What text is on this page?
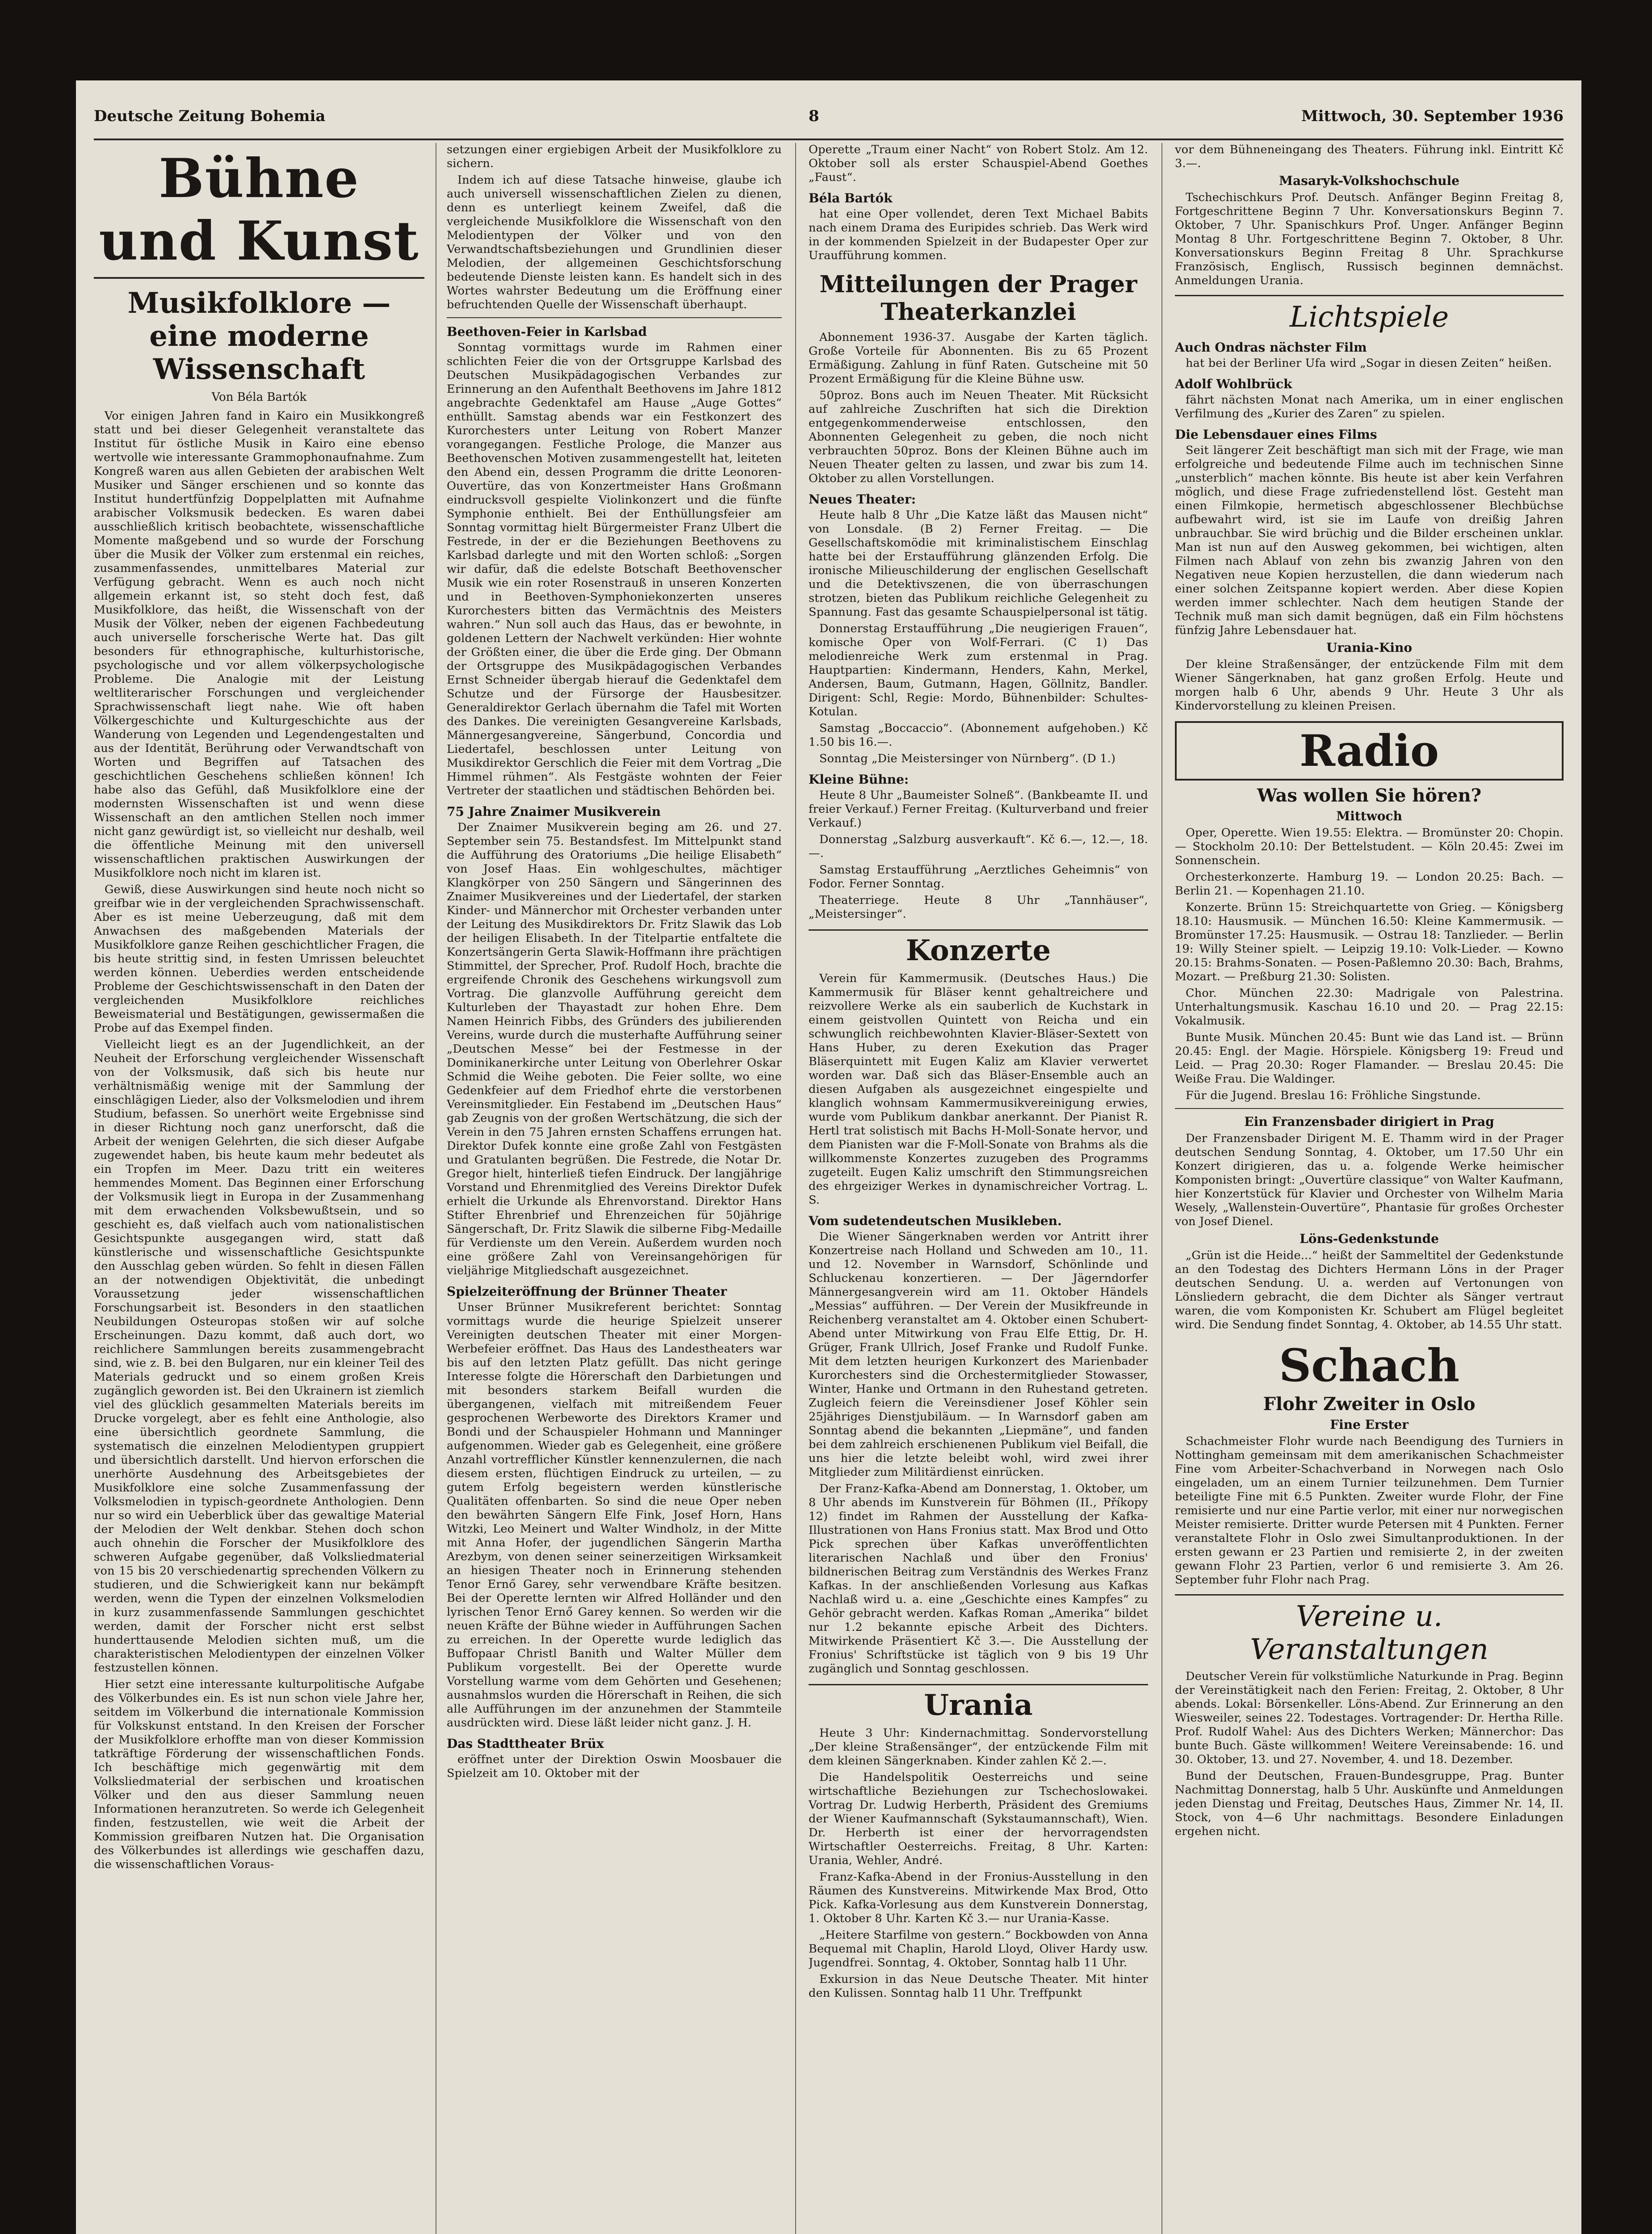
Deutsche Zeitung Bohemia	8	Mittwoch, 30. September 1936
Bühne und Kunst
Musikfolklore — eine moderne Wissenschaft
Von Béla Bartók

Vor einigen Jahren fand in Kairo ein Musikkongreß statt und bei dieser Gelegenheit veranstaltete das Institut für östliche Musik in Kairo eine ebenso wertvolle wie interessante Grammophonaufnahme. Zum Kongreß waren aus allen Gebieten der arabischen Welt Musiker und Sänger erschienen und so konnte das Institut hundertfünfzig Doppelplatten mit Aufnahme arabischer Volksmusik bedecken. Es waren dabei ausschließlich kritisch beobachtete, wissenschaftliche Momente maßgebend und so wurde der Forschung über die Musik der Völker zum erstenmal ein reiches, zusammenfassendes, unmittelbares Material zur Verfügung gebracht. Wenn es auch noch nicht allgemein erkannt ist, so steht doch fest, daß Musikfolklore, das heißt, die Wissenschaft von der Musik der Völker, neben der eigenen Fachbedeutung auch universelle forscherische Werte hat. Das gilt besonders für ethnographische, kulturhistorische, psychologische und vor allem völkerpsychologische Probleme. Die Analogie mit der Leistung weltliterarischer Forschungen und vergleichender Sprachwissenschaft liegt nahe. Wie oft haben Völkergeschichte und Kulturgeschichte aus der Wanderung von Legenden und Legendengestalten und aus der Identität, Berührung oder Verwandtschaft von Worten und Begriffen auf Tatsachen des geschichtlichen Geschehens schließen können! Ich habe also das Gefühl, daß Musikfolklore eine der modernsten Wissenschaften ist und wenn diese Wissenschaft an den amtlichen Stellen noch immer nicht ganz gewürdigt ist, so vielleicht nur deshalb, weil die öffentliche Meinung mit den universell wissenschaftlichen praktischen Auswirkungen der Musikfolklore noch nicht im klaren ist.

Gewiß, diese Auswirkungen sind heute noch nicht so greifbar wie in der vergleichenden Sprachwissenschaft. Aber es ist meine Ueberzeugung, daß mit dem Anwachsen des maßgebenden Materials der Musikfolklore ganze Reihen geschichtlicher Fragen, die bis heute strittig sind, in festen Umrissen beleuchtet werden können. Ueberdies werden entscheidende Probleme der Geschichtswissenschaft in den Daten der vergleichenden Musikfolklore reichliches Beweismaterial und Bestätigungen, gewissermaßen die Probe auf das Exempel finden.

Vielleicht liegt es an der Jugendlichkeit, an der Neuheit der Erforschung vergleichender Wissenschaft von der Volksmusik, daß sich bis heute nur verhältnismäßig wenige mit der Sammlung der einschlägigen Lieder, also der Volksmelodien und ihrem Studium, befassen. So unerhört weite Ergebnisse sind in dieser Richtung noch ganz unerforscht, daß die Arbeit der wenigen Gelehrten, die sich dieser Aufgabe zugewendet haben, bis heute kaum mehr bedeutet als ein Tropfen im Meer. Dazu tritt ein weiteres hemmendes Moment. Das Beginnen einer Erforschung der Volksmusik liegt in Europa in der Zusammenhang mit dem erwachenden Volksbewußtsein, und so geschieht es, daß vielfach auch vom nationalistischen Gesichtspunkte ausgegangen wird, statt daß künstlerische und wissenschaftliche Gesichtspunkte den Ausschlag geben würden. So fehlt in diesen Fällen an der notwendigen Objektivität, die unbedingt Voraussetzung jeder wissenschaftlichen Forschungsarbeit ist. Besonders in den staatlichen Neubildungen Osteuropas stoßen wir auf solche Erscheinungen. Dazu kommt, daß auch dort, wo reichlichere Sammlungen bereits zusammengebracht sind, wie z. B. bei den Bulgaren, nur ein kleiner Teil des Materials gedruckt und so einem großen Kreis zugänglich geworden ist. Bei den Ukrainern ist ziemlich viel des glücklich gesammelten Materials bereits im Drucke vorgelegt, aber es fehlt eine Anthologie, also eine übersichtlich geordnete Sammlung, die systematisch die einzelnen Melodientypen gruppiert und übersichtlich darstellt. Und hiervon erforschen die unerhörte Ausdehnung des Arbeitsgebietes der Musikfolklore eine solche Zusammenfassung der Volksmelodien in typisch-geordnete Anthologien. Denn nur so wird ein Ueberblick über das gewaltige Material der Melodien der Welt denkbar. Stehen doch schon auch ohnehin die Forscher der Musikfolklore des schweren Aufgabe gegenüber, daß Volksliedmaterial von 15 bis 20 verschiedenartig sprechenden Völkern zu studieren, und die Schwierigkeit kann nur bekämpft werden, wenn die Typen der einzelnen Volksmelodien in kurz zusammenfassende Sammlungen geschichtet werden, damit der Forscher nicht erst selbst hunderttausende Melodien sichten muß, um die charakteristischen Melodientypen der einzelnen Völker festzustellen können.

Hier setzt eine interessante kulturpolitische Aufgabe des Völkerbundes ein. Es ist nun schon viele Jahre her, seitdem im Völkerbund die internationale Kommission für Volkskunst entstand. In den Kreisen der Forscher der Musikfolklore erhoffte man von dieser Kommission tatkräftige Förderung der wissenschaftlichen Fonds. Ich beschäftige mich gegenwärtig mit dem Volksliedmaterial der serbischen und kroatischen Völker und den aus dieser Sammlung neuen Informationen heranzutreten. So werde ich Gelegenheit finden, festzustellen, wie weit die Arbeit der Kommission greifbaren Nutzen hat. Die Organisation des Völkerbundes ist allerdings wie geschaffen dazu, die wissenschaftlichen Voraus-

setzungen einer ergiebigen Arbeit der Musikfolklore zu sichern.

Indem ich auf diese Tatsache hinweise, glaube ich auch universell wissenschaftlichen Zielen zu dienen, denn es unterliegt keinem Zweifel, daß die vergleichende Musikfolklore die Wissenschaft von den Melodientypen der Völker und von den Verwandtschaftsbeziehungen und Grundlinien dieser Melodien, der allgemeinen Geschichtsforschung bedeutende Dienste leisten kann. Es handelt sich in des Wortes wahrster Bedeutung um die Eröffnung einer befruchtenden Quelle der Wissenschaft überhaupt.

Beethoven-Feier in Karlsbad

Sonntag vormittags wurde im Rahmen einer schlichten Feier die von der Ortsgruppe Karlsbad des Deutschen Musikpädagogischen Verbandes zur Erinnerung an den Aufenthalt Beethovens im Jahre 1812 angebrachte Gedenktafel am Hause „Auge Gottes“ enthüllt. Samstag abends war ein Festkonzert des Kurorchesters unter Leitung von Robert Manzer vorangegangen. Festliche Prologe, die Manzer aus Beethovenschen Motiven zusammengestellt hat, leiteten den Abend ein, dessen Programm die dritte Leonoren-Ouvertüre, das von Konzertmeister Hans Großmann eindrucksvoll gespielte Violinkonzert und die fünfte Symphonie enthielt. Bei der Enthüllungsfeier am Sonntag vormittag hielt Bürgermeister Franz Ulbert die Festrede, in der er die Beziehungen Beethovens zu Karlsbad darlegte und mit den Worten schloß: „Sorgen wir dafür, daß die edelste Botschaft Beethovenscher Musik wie ein roter Rosenstrauß in unseren Konzerten und in Beethoven-Symphoniekonzerten unseres Kurorchesters bitten das Vermächtnis des Meisters wahren.“ Nun soll auch das Haus, das er bewohnte, in goldenen Lettern der Nachwelt verkünden: Hier wohnte der Größten einer, die über die Erde ging. Der Obmann der Ortsgruppe des Musikpädagogischen Verbandes Ernst Schneider übergab hierauf die Gedenktafel dem Schutze und der Fürsorge der Hausbesitzer. Generaldirektor Gerlach übernahm die Tafel mit Worten des Dankes. Die vereinigten Gesangvereine Karlsbads, Männergesangvereine, Sängerbund, Concordia und Liedertafel, beschlossen unter Leitung von Musikdirektor Gerschlich die Feier mit dem Vortrag „Die Himmel rühmen“. Als Festgäste wohnten der Feier Vertreter der staatlichen und städtischen Behörden bei.

75 Jahre Znaimer Musikverein

Der Znaimer Musikverein beging am 26. und 27. September sein 75. Bestandsfest. Im Mittelpunkt stand die Aufführung des Oratoriums „Die heilige Elisabeth“ von Josef Haas. Ein wohlgeschultes, mächtiger Klangkörper von 250 Sängern und Sängerinnen des Znaimer Musikvereines und der Liedertafel, der starken Kinder- und Männerchor mit Orchester verbanden unter der Leitung des Musikdirektors Dr. Fritz Slawik das Lob der heiligen Elisabeth. In der Titelpartie entfaltete die Konzertsängerin Gerta Slawik-Hoffmann ihre prächtigen Stimmittel, der Sprecher, Prof. Rudolf Hoch, brachte die ergreifende Chronik des Geschehens wirkungsvoll zum Vortrag. Die glanzvolle Aufführung gereicht dem Kulturleben der Thayastadt zur hohen Ehre. Dem Namen Heinrich Fibbs, des Gründers des jubilierenden Vereins, wurde durch die musterhafte Aufführung seiner „Deutschen Messe“ bei der Festmesse in der Dominikanerkirche unter Leitung von Oberlehrer Oskar Schmid die Weihe geboten. Die Feier sollte, wo eine Gedenkfeier auf dem Friedhof ehrte die verstorbenen Vereinsmitglieder. Ein Festabend im „Deutschen Haus“ gab Zeugnis von der großen Wertschätzung, die sich der Verein in den 75 Jahren ernsten Schaffens errungen hat. Direktor Dufek konnte eine große Zahl von Festgästen und Gratulanten begrüßen. Die Festrede, die Notar Dr. Gregor hielt, hinterließ tiefen Eindruck. Der langjährige Vorstand und Ehrenmitglied des Vereins Direktor Dufek erhielt die Urkunde als Ehrenvorstand. Direktor Hans Stifter Ehrenbrief und Ehrenzeichen für 50jährige Sängerschaft, Dr. Fritz Slawik die silberne Fibg-Medaille für Verdienste um den Verein. Außerdem wurden noch eine größere Zahl von Vereinsangehörigen für vieljährige Mitgliedschaft ausgezeichnet.

Spielzeiteröffnung der Brünner Theater

Unser Brünner Musikreferent berichtet: Sonntag vormittags wurde die heurige Spielzeit unserer Vereinigten deutschen Theater mit einer Morgen-Werbefeier eröffnet. Das Haus des Landestheaters war bis auf den letzten Platz gefüllt. Das nicht geringe Interesse folgte die Hörerschaft den Darbietungen und mit besonders starkem Beifall wurden die übergangenen, vielfach mit mitreißendem Feuer gesprochenen Werbeworte des Direktors Kramer und Bondi und der Schauspieler Hohmann und Manninger aufgenommen. Wieder gab es Gelegenheit, eine größere Anzahl vortrefflicher Künstler kennenzulernen, die nach diesem ersten, flüchtigen Eindruck zu urteilen, — zu gutem Erfolg begeistern werden künstlerische Qualitäten offenbarten. So sind die neue Oper neben den bewährten Sängern Elfe Fink, Josef Horn, Hans Witzki, Leo Meinert und Walter Windholz, in der Mitte mit Anna Hofer, der jugendlichen Sängerin Martha Arezbym, von denen seiner seinerzeitigen Wirksamkeit an hiesigen Theater noch in Erinnerung stehenden Tenor Ernő Garey, sehr verwendbare Kräfte besitzen. Bei der Operette lernten wir Alfred Holländer und den lyrischen Tenor Ernő Garey kennen. So werden wir die neuen Kräfte der Bühne wieder in Aufführungen Sachen zu erreichen. In der Operette wurde lediglich das Buffopaar Christl Banith und Walter Müller dem Publikum vorgestellt. Bei der Operette wurde Vorstellung warme vom dem Gehörten und Gesehenen; ausnahmslos wurden die Hörerschaft in Reihen, die sich alle Aufführungen im der anzunehmen der Stammteile ausdrückten wird. Diese läßt leider nicht ganz. J. H.

Das Stadttheater Brüx

eröffnet unter der Direktion Oswin Moosbauer die Spielzeit am 10. Oktober mit der

Operette „Traum einer Nacht“ von Robert Stolz. Am 12. Oktober soll als erster Schauspiel-Abend Goethes „Faust“.

Béla Bartók

hat eine Oper vollendet, deren Text Michael Babits nach einem Drama des Euripides schrieb. Das Werk wird in der kommenden Spielzeit in der Budapester Oper zur Uraufführung kommen.

Mitteilungen der Prager Theaterkanzlei

Abonnement 1936-37. Ausgabe der Karten täglich. Große Vorteile für Abonnenten. Bis zu 65 Prozent Ermäßigung. Zahlung in fünf Raten. Gutscheine mit 50 Prozent Ermäßigung für die Kleine Bühne usw.

50proz. Bons auch im Neuen Theater. Mit Rücksicht auf zahlreiche Zuschriften hat sich die Direktion entgegenkommenderweise entschlossen, den Abonnenten Gelegenheit zu geben, die noch nicht verbrauchten 50proz. Bons der Kleinen Bühne auch im Neuen Theater gelten zu lassen, und zwar bis zum 14. Oktober zu allen Vorstellungen.

Neues Theater:

Heute halb 8 Uhr „Die Katze läßt das Mausen nicht“ von Lonsdale. (B 2) Ferner Freitag. — Die Gesellschaftskomödie mit kriminalistischem Einschlag hatte bei der Erstaufführung glänzenden Erfolg. Die ironische Milieuschilderung der englischen Gesellschaft und die Detektivszenen, die von überraschungen strotzen, bieten das Publikum reichliche Gelegenheit zu Spannung. Fast das gesamte Schauspielpersonal ist tätig.

Donnerstag Erstaufführung „Die neugierigen Frauen“, komische Oper von Wolf-Ferrari. (C 1) Das melodienreiche Werk zum erstenmal in Prag. Hauptpartien: Kindermann, Henders, Kahn, Merkel, Andersen, Baum, Gutmann, Hagen, Göllnitz, Bandler. Dirigent: Schl, Regie: Mordo, Bühnenbilder: Schultes-Kotulan.

Samstag „Boccaccio“. (Abonnement aufgehoben.) Kč 1.50 bis 16.—.

Sonntag „Die Meistersinger von Nürnberg“. (D 1.)

Kleine Bühne:

Heute 8 Uhr „Baumeister Solneß“. (Bankbeamte II. und freier Verkauf.) Ferner Freitag. (Kulturverband und freier Verkauf.)

Donnerstag „Salzburg ausverkauft“. Kč 6.—, 12.—, 18.—.

Samstag Erstaufführung „Aerztliches Geheimnis“ von Fodor. Ferner Sonntag.

Theaterriege. Heute 8 Uhr „Tannhäuser“, „Meistersinger“.

Konzerte

Verein für Kammermusik. (Deutsches Haus.) Die Kammermusik für Bläser kennt gehaltreichere und reizvollere Werke als ein sauberlich de Kuchstark in einem geistvollen Quintett von Reicha und ein schwunglich reichbewohnten Klavier-Bläser-Sextett von Hans Huber, zu deren Exekution das Prager Bläserquintett mit Eugen Kaliz am Klavier verwertet worden war. Daß sich das Bläser-Ensemble auch an diesen Aufgaben als ausgezeichnet eingespielte und klanglich wohnsam Kammermusikvereinigung erwies, wurde vom Publikum dankbar anerkannt. Der Pianist R. Hertl trat solistisch mit Bachs H-Moll-Sonate hervor, und dem Pianisten war die F-Moll-Sonate von Brahms als die willkommenste Konzertes zuzugeben des Programms zugeteilt. Eugen Kaliz umschrift den Stimmungsreichen des ehrgeiziger Werkes in dynamischreicher Vortrag. L. S.

Vom sudetendeutschen Musikleben.

Die Wiener Sängerknaben werden vor Antritt ihrer Konzertreise nach Holland und Schweden am 10., 11. und 12. November in Warnsdorf, Schönlinde und Schluckenau konzertieren. — Der Jägerndorfer Männergesangverein wird am 11. Oktober Händels „Messias“ aufführen. — Der Verein der Musikfreunde in Reichenberg veranstaltet am 4. Oktober einen Schubert-Abend unter Mitwirkung von Frau Elfe Ettig, Dr. H. Grüger, Frank Ullrich, Josef Franke und Rudolf Funke. Mit dem letzten heurigen Kurkonzert des Marienbader Kurorchesters sind die Orchestermitglieder Stowasser, Winter, Hanke und Ortmann in den Ruhestand getreten. Zugleich feiern die Vereinsdiener Josef Köhler sein 25jähriges Dienstjubiläum. — In Warnsdorf gaben am Sonntag abend die bekannten „Liepmäne“, und fanden bei dem zahlreich erschienenen Publikum viel Beifall, die uns hier die letzte beleibt wohl, wird zwei ihrer Mitglieder zum Militärdienst einrücken.

Der Franz-Kafka-Abend am Donnerstag, 1. Oktober, um 8 Uhr abends im Kunstverein für Böhmen (II., Příkopy 12) findet im Rahmen der Ausstellung der Kafka-Illustrationen von Hans Fronius statt. Max Brod und Otto Pick sprechen über Kafkas unveröffentlichten literarischen Nachlaß und über den Fronius' bildnerischen Beitrag zum Verständnis des Werkes Franz Kafkas. In der anschließenden Vorlesung aus Kafkas Nachlaß wird u. a. eine „Geschichte eines Kampfes“ zu Gehör gebracht werden. Kafkas Roman „Amerika“ bildet nur 1.2 bekannte epische Arbeit des Dichters. Mitwirkende Präsentiert Kč 3.—. Die Ausstellung der Fronius' Schriftstücke ist täglich von 9 bis 19 Uhr zugänglich und Sonntag geschlossen.

Urania

Heute 3 Uhr: Kindernachmittag. Sondervorstellung „Der kleine Straßensänger“, der entzückende Film mit dem kleinen Sängerknaben. Kinder zahlen Kč 2.—.

Die Handelspolitik Oesterreichs und seine wirtschaftliche Beziehungen zur Tschechoslowakei. Vortrag Dr. Ludwig Herberth, Präsident des Gremiums der Wiener Kaufmannschaft (Sykstaumannschaft), Wien. Dr. Herberth ist einer der hervorragendsten Wirtschaftler Oesterreichs. Freitag, 8 Uhr. Karten: Urania, Wehler, André.

Franz-Kafka-Abend in der Fronius-Ausstellung in den Räumen des Kunstvereins. Mitwirkende Max Brod, Otto Pick. Kafka-Vorlesung aus dem Kunstverein Donnerstag, 1. Oktober 8 Uhr. Karten Kč 3.— nur Urania-Kasse.

„Heitere Starfilme von gestern.“ Bockbowden von Anna Bequemal mit Chaplin, Harold Lloyd, Oliver Hardy usw. Jugendfrei. Sonntag, 4. Oktober, Sonntag halb 11 Uhr.

Exkursion in das Neue Deutsche Theater. Mit hinter den Kulissen. Sonntag halb 11 Uhr. Treffpunkt

vor dem Bühneneingang des Theaters. Führung inkl. Eintritt Kč 3.—.

Masaryk-Volkshochschule

Tschechischkurs Prof. Deutsch. Anfänger Beginn Freitag 8, Fortgeschrittene Beginn 7 Uhr. Konversationskurs Beginn 7. Oktober, 7 Uhr. Spanischkurs Prof. Unger. Anfänger Beginn Montag 8 Uhr. Fortgeschrittene Beginn 7. Oktober, 8 Uhr. Konversationskurs Beginn Freitag 8 Uhr. Sprachkurse Französisch, Englisch, Russisch beginnen demnächst. Anmeldungen Urania.

Lichtspiele
Auch Ondras nächster Film

hat bei der Berliner Ufa wird „Sogar in diesen Zeiten“ heißen.

Adolf Wohlbrück

fährt nächsten Monat nach Amerika, um in einer englischen Verfilmung des „Kurier des Zaren“ zu spielen.

Die Lebensdauer eines Films

Seit längerer Zeit beschäftigt man sich mit der Frage, wie man erfolgreiche und bedeutende Filme auch im technischen Sinne „unsterblich“ machen könnte. Bis heute ist aber kein Verfahren möglich, und diese Frage zufriedenstellend löst. Gesteht man einen Filmkopie, hermetisch abgeschlossener Blechbüchse aufbewahrt wird, ist sie im Laufe von dreißig Jahren unbrauchbar. Sie wird brüchig und die Bilder erscheinen unklar. Man ist nun auf den Ausweg gekommen, bei wichtigen, alten Filmen nach Ablauf von zehn bis zwanzig Jahren von den Negativen neue Kopien herzustellen, die dann wiederum nach einer solchen Zeitspanne kopiert werden. Aber diese Kopien werden immer schlechter. Nach dem heutigen Stande der Technik muß man sich damit begnügen, daß ein Film höchstens fünfzig Jahre Lebensdauer hat.

Urania-Kino

Der kleine Straßensänger, der entzückende Film mit dem Wiener Sängerknaben, hat ganz großen Erfolg. Heute und morgen halb 6 Uhr, abends 9 Uhr. Heute 3 Uhr als Kindervorstellung zu kleinen Preisen.

Radio
Was wollen Sie hören?
Mittwoch

Oper, Operette. Wien 19.55: Elektra. — Bromünster 20: Chopin. — Stockholm 20.10: Der Bettelstudent. — Köln 20.45: Zwei im Sonnenschein.

Orchesterkonzerte. Hamburg 19. — London 20.25: Bach. — Berlin 21. — Kopenhagen 21.10.

Konzerte. Brünn 15: Streichquartette von Grieg. — Königsberg 18.10: Hausmusik. — München 16.50: Kleine Kammermusik. — Bromünster 17.25: Hausmusik. — Ostrau 18: Tanzlieder. — Berlin 19: Willy Steiner spielt. — Leipzig 19.10: Volk-Lieder. — Kowno 20.15: Brahms-Sonaten. — Posen-Paßlemno 20.30: Bach, Brahms, Mozart. — Preßburg 21.30: Solisten.

Chor. München 22.30: Madrigale von Palestrina. Unterhaltungsmusik. Kaschau 16.10 und 20. — Prag 22.15: Vokalmusik.

Bunte Musik. München 20.45: Bunt wie das Land ist. — Brünn 20.45: Engl. der Magie. Hörspiele. Königsberg 19: Freud und Leid. — Prag 20.30: Roger Flamander. — Breslau 20.45: Die Weiße Frau. Die Waldinger.

Für die Jugend. Breslau 16: Fröhliche Singstunde.

Ein Franzensbader dirigiert in Prag

Der Franzensbader Dirigent M. E. Thamm wird in der Prager deutschen Sendung Sonntag, 4. Oktober, um 17.50 Uhr ein Konzert dirigieren, das u. a. folgende Werke heimischer Komponisten bringt: „Ouvertüre classique“ von Walter Kaufmann, hier Konzertstück für Klavier und Orchester von Wilhelm Maria Wesely, „Wallenstein-Ouvertüre“, Phantasie für großes Orchester von Josef Dienel.

Löns-Gedenkstunde

„Grün ist die Heide...“ heißt der Sammeltitel der Gedenkstunde an den Todestag des Dichters Hermann Löns in der Prager deutschen Sendung. U. a. werden auf Vertonungen von Lönsliedern gebracht, die dem Dichter als Sänger vertraut waren, die vom Komponisten Kr. Schubert am Flügel begleitet wird. Die Sendung findet Sonntag, 4. Oktober, ab 14.55 Uhr statt.

Schach
Flohr Zweiter in Oslo
Fine Erster

Schachmeister Flohr wurde nach Beendigung des Turniers in Nottingham gemeinsam mit dem amerikanischen Schachmeister Fine vom Arbeiter-Schachverband in Norwegen nach Oslo eingeladen, um an einem Turnier teilzunehmen. Dem Turnier beteiligte Fine mit 6.5 Punkten. Zweiter wurde Flohr, der Fine remisierte und nur eine Partie verlor, mit einer nur norwegischen Meister remisierte. Dritter wurde Petersen mit 4 Punkten. Ferner veranstaltete Flohr in Oslo zwei Simultanproduktionen. In der ersten gewann er 23 Partien und remisierte 2, in der zweiten gewann Flohr 23 Partien, verlor 6 und remisierte 3. Am 26. September fuhr Flohr nach Prag.

Vereine u. Veranstaltungen

Deutscher Verein für volkstümliche Naturkunde in Prag. Beginn der Vereinstätigkeit nach den Ferien: Freitag, 2. Oktober, 8 Uhr abends. Lokal: Börsenkeller. Löns-Abend. Zur Erinnerung an den Wiesweiler, seines 22. Todestages. Vortragender: Dr. Hertha Rille. Prof. Rudolf Wahel: Aus des Dichters Werken; Männerchor: Das bunte Buch. Gäste willkommen! Weitere Vereinsabende: 16. und 30. Oktober, 13. und 27. November, 4. und 18. Dezember.

Bund der Deutschen, Frauen-Bundesgruppe, Prag. Bunter Nachmittag Donnerstag, halb 5 Uhr. Auskünfte und Anmeldungen jeden Dienstag und Freitag, Deutsches Haus, Zimmer Nr. 14, II. Stock, von 4—6 Uhr nachmittags. Besondere Einladungen ergehen nicht.
